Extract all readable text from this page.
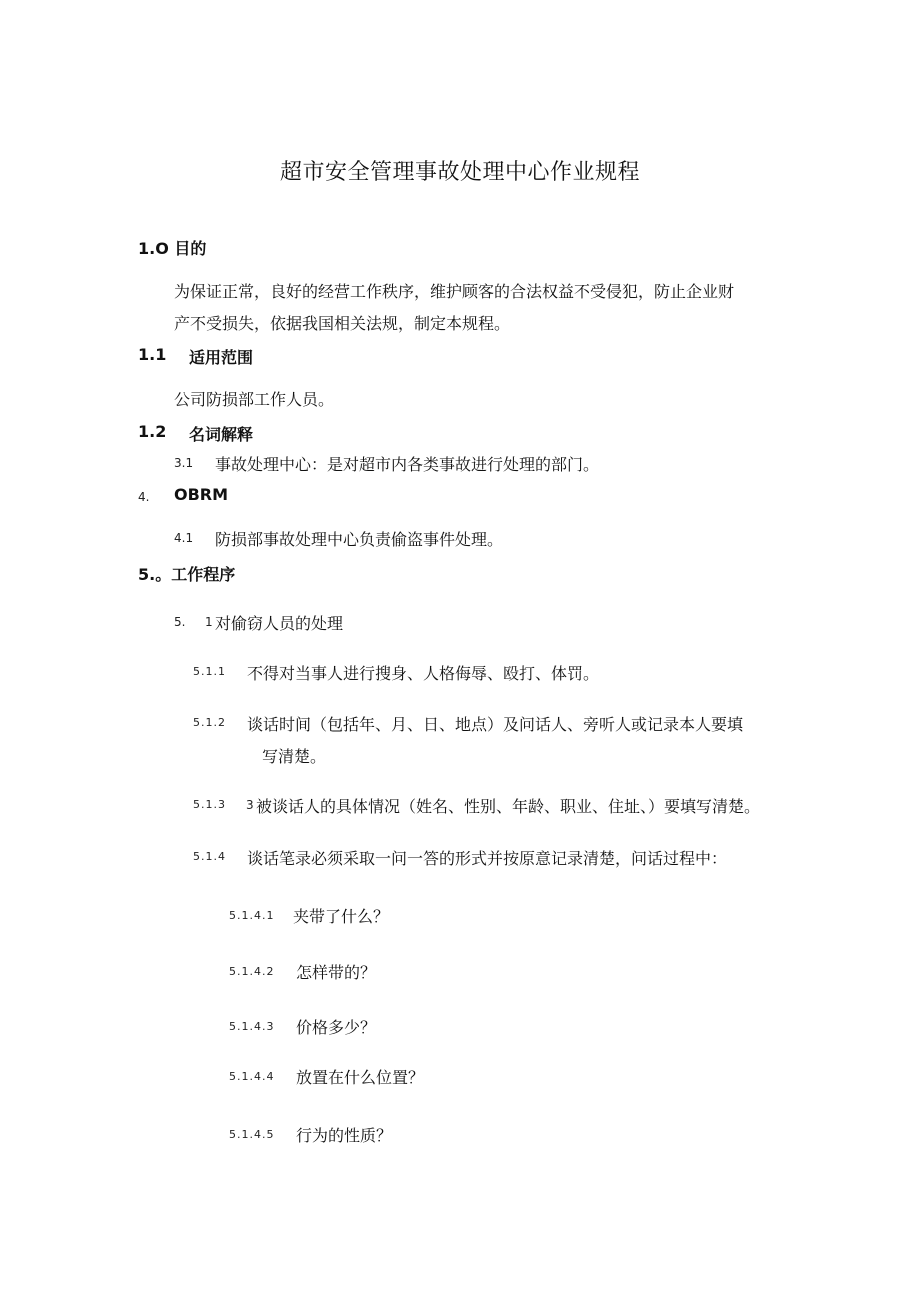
超市安全管理事故处理中心作业规程
1.O 目的
为保证正常，良好的经营工作秩序，维护顾客的合法权益不受侵犯，防止企业财
产不受损失，依据我国相关法规，制定本规程。
1.1 适用范围
公司防损部工作人员。
1.2 名词解释
3.1 事故处理中心：是对超市内各类事故进行处理的部门。
4. OBRM
4.1 防损部事故处理中心负责偷盗事件处理。
5.。工作程序
5. 1 对偷窃人员的处理
5.1.1 不得对当事人进行搜身、人格侮辱、殴打、体罚。
5.1.2 谈话时间（包括年、月、日、地点）及问话人、旁听人或记录本人要填
写清楚。
5.1.3 3 被谈话人的具体情况（姓名、性别、年龄、职业、住址、）要填写清楚。
5.1.4 谈话笔录必须采取一问一答的形式并按原意记录清楚，问话过程中：
5.1.4.1 夹带了什么？
5.1.4.2 怎样带的？
5.1.4.3 价格多少？
5.1.4.4 放置在什么位置？
5.1.4.5 行为的性质？
